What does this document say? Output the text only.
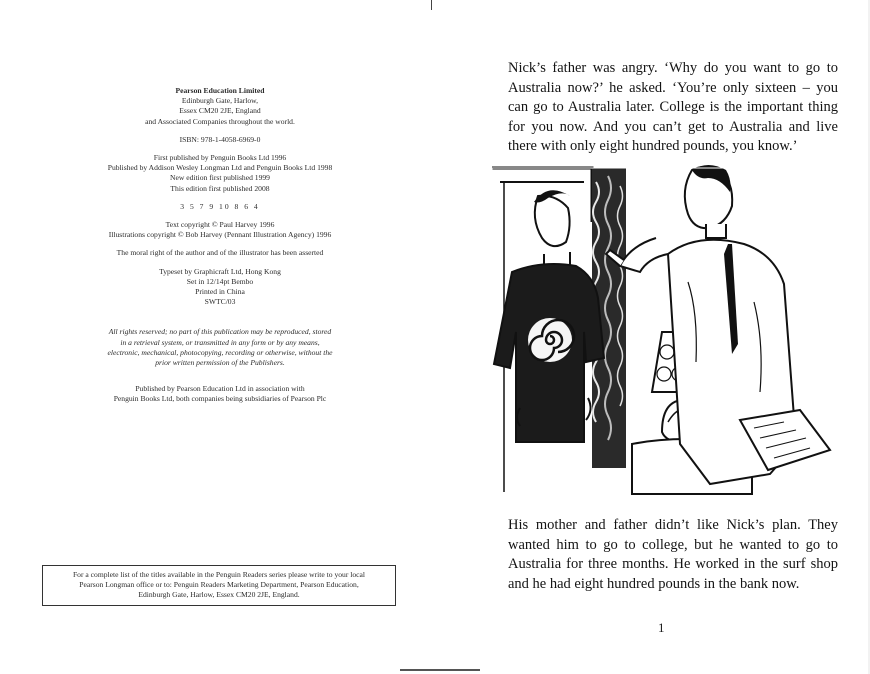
Pearson Education Limited

Edinburgh Gate, Harlow,

Essex CM20 2JE, England

and Associated Companies throughout the world.

ISBN: 978-1-4058-6969-0

First published by Penguin Books Ltd 1996

Published by Addison Wesley Longman Ltd and Penguin Books Ltd 1998

New edition first published 1999

This edition first published 2008

3 5 7 9 10 8 6 4

Text copyright © Paul Harvey 1996

Illustrations copyright © Bob Harvey (Pennant Illustration Agency) 1996

The moral right of the author and of the illustrator has been asserted

Typeset by Graphicraft Ltd, Hong Kong

Set in 12/14pt Bembo

Printed in China

SWTC/03

All rights reserved; no part of this publication may be reproduced, stored

in a retrieval system, or transmitted in any form or by any means,

electronic, mechanical, photocopying, recording or otherwise, without the

prior written permission of the Publishers.

Published by Pearson Education Ltd in association with

Penguin Books Ltd, both companies being subsidiaries of Pearson Plc

For a complete list of the titles available in the Penguin Readers series please write to your local
Pearson Longman office or to: Penguin Readers Marketing Department, Pearson Education,
Edinburgh Gate, Harlow, Essex CM20 2JE, England.
Nick’s father was angry. ‘Why do you want to go to Australia now?’ he asked. ‘You’re only sixteen – you can go to Australia later. College is the important thing for you now. And you can’t get to Australia and live there with only eight hundred pounds, you know.’
His mother and father didn’t like Nick’s plan. They wanted him to go to college, but he wanted to go to Australia for three months. He worked in the surf shop and he had eight hundred pounds in the bank now.
1
